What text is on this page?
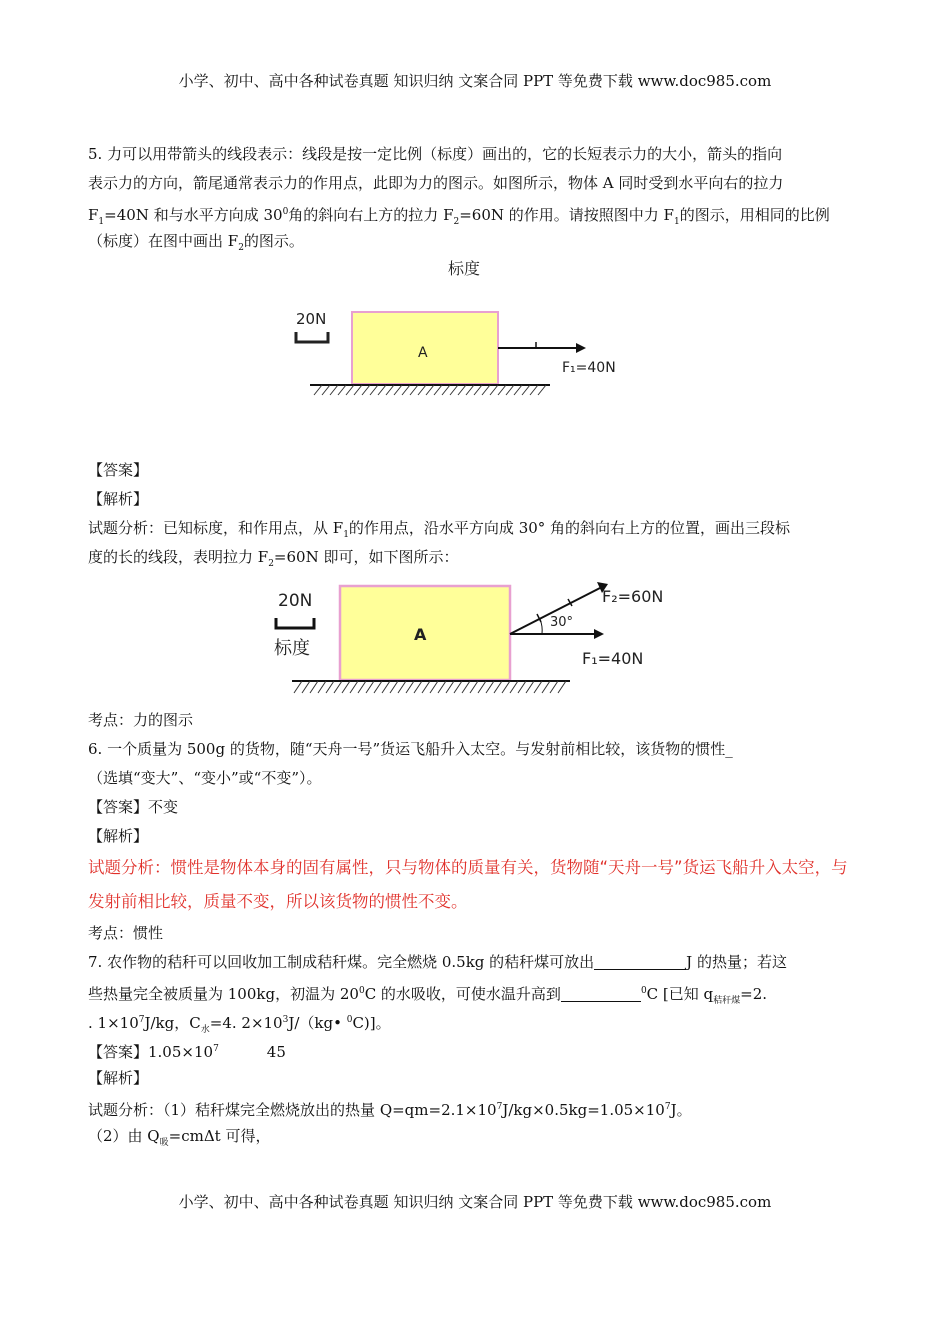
小学、初中、高中各种试卷真题 知识归纳 文案合同 PPT 等免费下载 www.doc985.com
5. 力可以用带箭头的线段表示：线段是按一定比例（标度）画出的，它的长短表示力的大小，箭头的指向
表示力的方向，箭尾通常表示力的作用点，此即为力的图示。如图所示，物体 A 同时受到水平向右的拉力
$F_1=40N$ 和与水平方向成 $30^0$角的斜向右上方的拉力 $F_2=60N$ 的作用。请按照图中力 $F_1$的图示，用相同的比例
（标度）在图中画出 $F_2$的图示。
标度
20N
A
F₁=40N
【答案】
【解析】
试题分析：已知标度，和作用点，从 $F_1$的作用点，沿水平方向成 30° 角的斜向右上方的位置，画出三段标
度的长的线段，表明拉力 $F_2=60N$ 即可，如下图所示：
20N
标度
A
F₁=40N
30°
F₂=60N
考点：力的图示
6. 一个质量为 500g 的货物，随“天舟一号”货运飞船升入太空。与发射前相比较，该货物的惯性_
（选填“变大”、“变小”或“不变”）。
【答案】不变
【解析】
试题分析：惯性是物体本身的固有属性，只与物体的质量有关，货物随“天舟一号”货运飞船升入太空，与
发射前相比较，质量不变，所以该货物的惯性不变。
考点：惯性
7. 农作物的秸秆可以回收加工制成秸秆煤。完全燃烧 0.5kg 的秸秆煤可放出	J 的热量；若这
些热量完全被质量为 100kg，初温为 $20^0C$ 的水吸收，可使水温升高到	$^0$C [已知 $q_{秸秆煤}=2$.
. $1\times 10^7J/kg$，$C_水=4$. $2\times 10^3J/(kg•$ $^0$C)]。
【答案】$1.05\times 10^7$	45
【解析】
试题分析：（1）秸秆煤完全燃烧放出的热量 $Q=qm=2.1\times 10^7J/kg\times 0.5kg=1.05\times 10^7J$。
（2）由 $Q_吸=cm\Delta t$ 可得，
小学、初中、高中各种试卷真题 知识归纳 文案合同 PPT 等免费下载 www.doc985.com
